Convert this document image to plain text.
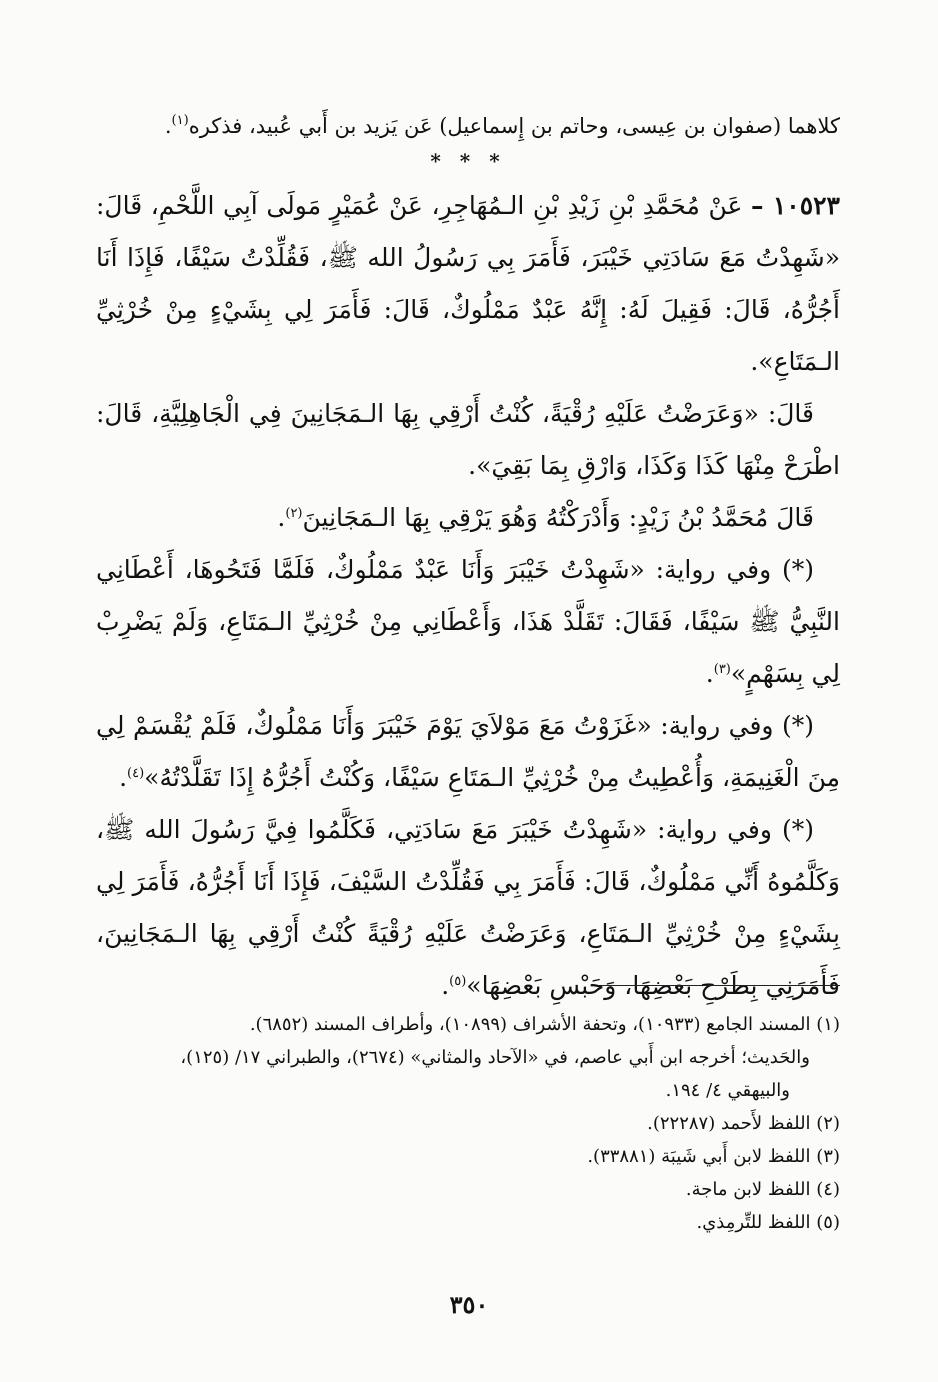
كلاهما (صفوان بن عِيسى، وحاتم بن إِسماعيل) عَن يَزيد بن أَبي عُبيد، فذكره$^{(١)}$.
* * *
١٠٥٢٣ – عَنْ مُحَمَّدِ بْنِ زَيْدِ بْنِ الـمُهَاجِرِ، عَنْ عُمَيْرٍ مَولَى آبِي اللَّحْمِ، قَالَ: «شَهِدْتُ مَعَ سَادَتِي خَيْبَرَ، فَأَمَرَ بِي رَسُولُ الله ﷺ، فَقُلِّدْتُ سَيْفًا، فَإِذَا أَنَا أَجُرُّهُ، قَالَ: فَقِيلَ لَهُ: إِنَّهُ عَبْدٌ مَمْلُوكٌ، قَالَ: فَأَمَرَ لِي بِشَيْءٍ مِنْ خُرْثِيِّ الـمَتَاعِ».
قَالَ: «وَعَرَضْتُ عَلَيْهِ رُقْيَةً، كُنْتُ أَرْقِي بِهَا الـمَجَانِينَ فِي الْجَاهِلِيَّةِ، قَالَ: اطْرَحْ مِنْهَا كَذَا وَكَذَا، وَارْقِ بِمَا بَقِيَ».
قَالَ مُحَمَّدُ بْنُ زَيْدٍ: وَأَدْرَكْتُهُ وَهُوَ يَرْقِي بِهَا الـمَجَانِينَ$^{(٢)}$.
(*) وفي رواية: «شَهِدْتُ خَيْبَرَ وَأَنَا عَبْدٌ مَمْلُوكٌ، فَلَمَّا فَتَحُوهَا، أَعْطَانِي النَّبِيُّ ﷺ سَيْفًا، فَقَالَ: تَقَلَّدْ هَذَا، وَأَعْطَانِي مِنْ خُرْثِيِّ الـمَتَاعِ، وَلَمْ يَضْرِبْ لِي بِسَهْمٍ»$^{(٣)}$.
(*) وفي رواية: «غَزَوْتُ مَعَ مَوْلاَيَ يَوْمَ خَيْبَرَ وَأَنَا مَمْلُوكٌ، فَلَمْ يُقْسَمْ لِي مِنَ الْغَنِيمَةِ، وَأُعْطِيتُ مِنْ خُرْثِيِّ الـمَتَاعِ سَيْفًا، وَكُنْتُ أَجُرُّهُ إِذَا تَقَلَّدْتُهُ»$^{(٤)}$.
(*) وفي رواية: «شَهِدْتُ خَيْبَرَ مَعَ سَادَتِي، فَكَلَّمُوا فِيَّ رَسُولَ الله ﷺ، وَكَلَّمُوهُ أَنِّي مَمْلُوكٌ، قَالَ: فَأَمَرَ بِي فَقُلِّدْتُ السَّيْفَ، فَإِذَا أَنَا أَجُرُّهُ، فَأَمَرَ لِي بِشَيْءٍ مِنْ خُرْثِيِّ الـمَتَاعِ، وَعَرَضْتُ عَلَيْهِ رُقْيَةً كُنْتُ أَرْقِي بِهَا الـمَجَانِينَ، فَأَمَرَنِي بِطَرْحِ بَعْضِهَا، وَحَبْسِ بَعْضِهَا»$^{(٥)}$.
(١) المسند الجامع (١٠٩٣٣)، وتحفة الأشراف (١٠٨٩٩)، وأطراف المسند (٦٨٥٢).
والحَديث؛ أخرجه ابن أَبي عاصم، في «الآحاد والمثاني» (٢٦٧٤)، والطبراني ١٧/ (١٢٥)،
والبيهقي ٤/ ١٩٤.
(٢) اللفظ لأَحمد (٢٢٢٨٧).
(٣) اللفظ لابن أَبي شَيبَة (٣٣٨٨١).
(٤) اللفظ لابن ماجة.
(٥) اللفظ للتِّرمِذي.
٣٥٠
